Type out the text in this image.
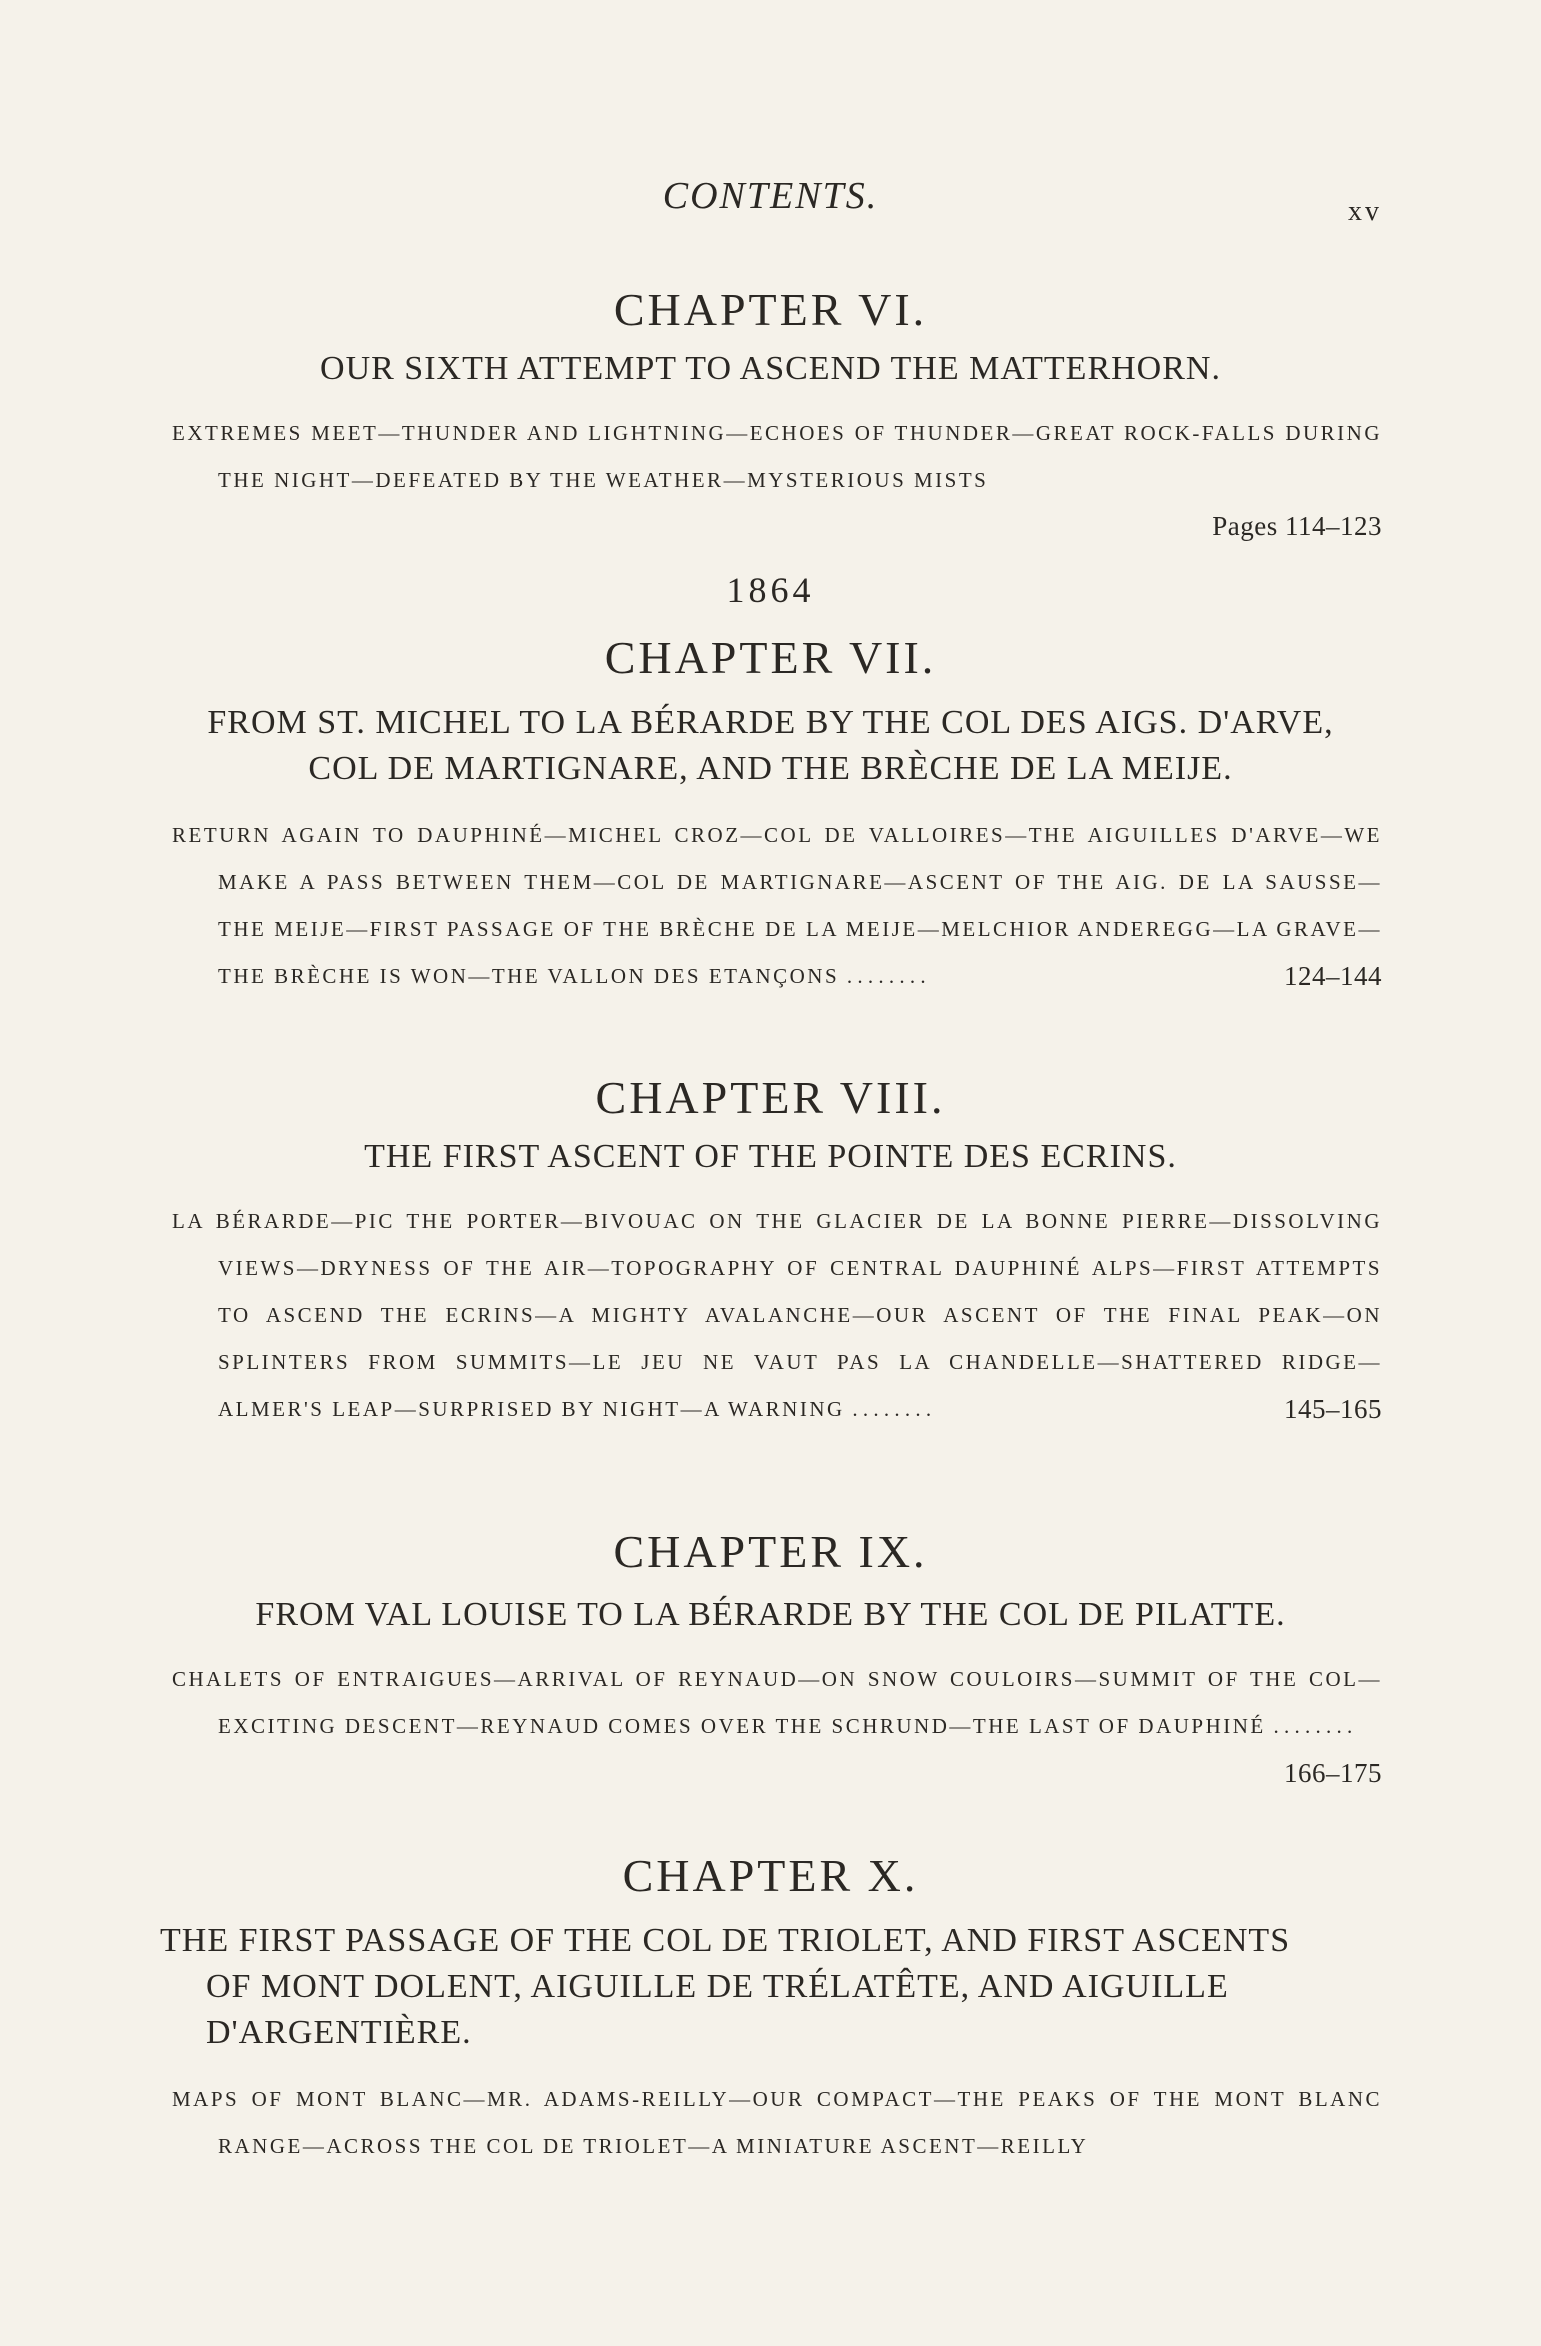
CONTENTS.	xv
CHAPTER VI.
OUR SIXTH ATTEMPT TO ASCEND THE MATTERHORN.
EXTREMES MEET—THUNDER AND LIGHTNING—ECHOES OF THUNDER—GREAT ROCK-FALLS DURING THE NIGHT—DEFEATED BY THE WEATHER—MYSTERIOUS MISTS
Pages 114–123
1864
CHAPTER VII.
FROM ST. MICHEL TO LA BÉRARDE BY THE COL DES AIGS. D'ARVE,
COL DE MARTIGNARE, AND THE BRÈCHE DE LA MEIJE.
RETURN AGAIN TO DAUPHINÉ—MICHEL CROZ—COL DE VALLOIRES—THE AIGUILLES D'ARVE—WE MAKE A PASS BETWEEN THEM—COL DE MARTIGNARE—ASCENT OF THE AIG. DE LA SAUSSE—THE MEIJE—FIRST PASSAGE OF THE BRÈCHE DE LA MEIJE—MELCHIOR ANDEREGG—LA GRAVE—THE BRÈCHE IS WON—THE VALLON DES ETANÇONS . . . . . . . .	124–144
CHAPTER VIII.
THE FIRST ASCENT OF THE POINTE DES ECRINS.
LA BÉRARDE—PIC THE PORTER—BIVOUAC ON THE GLACIER DE LA BONNE PIERRE—DISSOLVING VIEWS—DRYNESS OF THE AIR—TOPOGRAPHY OF CENTRAL DAUPHINÉ ALPS—FIRST ATTEMPTS TO ASCEND THE ECRINS—A MIGHTY AVALANCHE—OUR ASCENT OF THE FINAL PEAK—ON SPLINTERS FROM SUMMITS—LE JEU NE VAUT PAS LA CHANDELLE—SHATTERED RIDGE—ALMER'S LEAP—SURPRISED BY NIGHT—A WARNING . . . . . . . .	145–165
CHAPTER IX.
FROM VAL LOUISE TO LA BÉRARDE BY THE COL DE PILATTE.
CHALETS OF ENTRAIGUES—ARRIVAL OF REYNAUD—ON SNOW COULOIRS—SUMMIT OF THE COL—EXCITING DESCENT—REYNAUD COMES OVER THE SCHRUND—THE LAST OF DAUPHINÉ . . . . . . . .
166–175
CHAPTER X.
THE FIRST PASSAGE OF THE COL DE TRIOLET, AND FIRST ASCENTS
OF MONT DOLENT, AIGUILLE DE TRÉLATÊTE, AND AIGUILLE
D'ARGENTIÈRE.
MAPS OF MONT BLANC—MR. ADAMS-REILLY—OUR COMPACT—THE PEAKS OF THE MONT BLANC RANGE—ACROSS THE COL DE TRIOLET—A MINIATURE ASCENT—REILLY
